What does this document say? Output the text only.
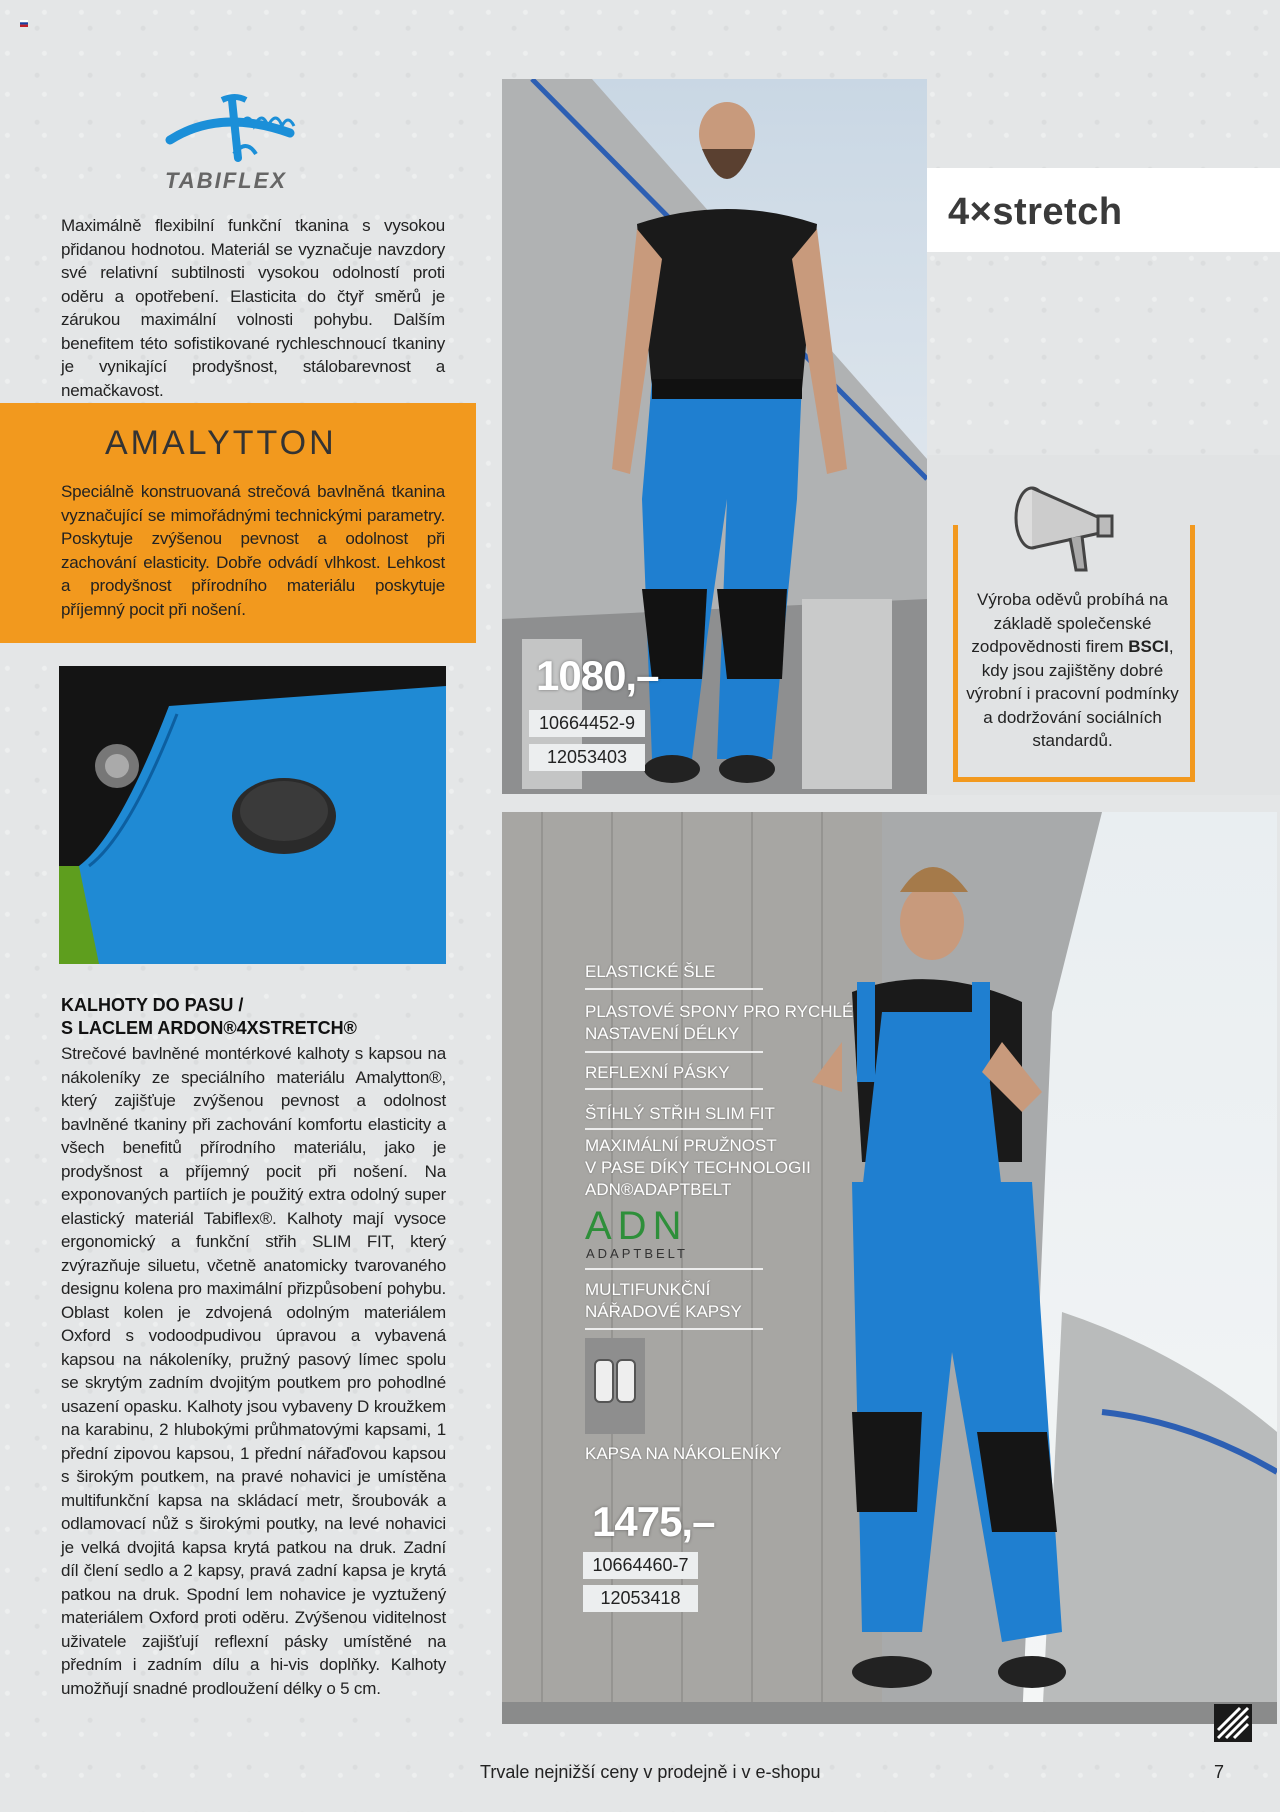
TABIFLEX
Maximálně flexibilní funkční tkanina s vysokou přidanou hodnotou. Materiál se vyznačuje navzdory své relativní subtilnosti vysokou odolností proti oděru a opotřebení. Elasticita do čtyř směrů je zárukou maximální volnosti pohybu. Dalším benefitem této sofistikované rychleschnoucí tkaniny je vynikající prodyšnost, stálobarevnost a nemačkavost.
AMALYTTON
Speciálně konstruovaná strečová bavlněná tkanina vyznačující se mimořádnými technickými parametry. Poskytuje zvýšenou pevnost a odolnost při zachování elasticity. Dobře odvádí vlhkost. Lehkost a prodyšnost přírodního materiálu poskytuje příjemný pocit při nošení.
KALHOTY DO PASU /
S LACLEM ARDON®4XSTRETCH®
Strečové bavlněné montérkové kalhoty s kapsou na nákoleníky ze speciálního materiálu Amalytton®, který zajišťuje zvýšenou pevnost a odolnost bavlněné tkaniny při zachování komfortu elasticity a všech benefitů přírodního materiálu, jako je prodyšnost a příjemný pocit při nošení. Na exponovaných partiích je použitý extra odolný super elastický materiál Tabiflex®. Kalhoty mají vysoce ergonomický a funkční střih SLIM FIT, který zvýrazňuje siluetu, včetně anatomicky tvarovaného designu kolena pro maximální přizpůsobení pohybu. Oblast kolen je zdvojená odolným materiálem Oxford s vodoodpudivou úpravou a vybavená kapsou na nákoleníky, pružný pasový límec spolu se skrytým zadním dvojitým poutkem pro pohodlné usazení opasku. Kalhoty jsou vybaveny D kroužkem na karabinu, 2 hlubokými průhmatovými kapsami, 1 přední zipovou kapsou, 1 přední nářaďovou kapsou s širokým poutkem, na pravé nohavici je umístěna multifunkční kapsa na skládací metr, šroubovák a odlamovací nůž s širokými poutky, na levé nohavici je velká dvojitá kapsa krytá patkou na druk. Zadní díl člení sedlo a 2 kapsy, pravá zadní kapsa je krytá patkou na druk. Spodní lem nohavice je vyztužený materiálem Oxford proti oděru. Zvýšenou viditelnost uživatele zajišťují reflexní pásky umístěné na předním i zadním dílu a hi-vis doplňky. Kalhoty umožňují snadné prodloužení délky o 5 cm.
4×stretch
Výroba oděvů probíhá na základě společenské zodpovědnosti firem BSCI, kdy jsou zajištěny dobré výrobní i pracovní podmínky a dodržování sociálních standardů.
1080,–
10664452-9
12053403
ELASTICKÉ ŠLE
PLASTOVÉ SPONY PRO RYCHLÉ
NASTAVENÍ DÉLKY
REFLEXNÍ PÁSKY
ŠTÍHLÝ STŘIH SLIM FIT
MAXIMÁLNÍ PRUŽNOST
V PASE DÍKY TECHNOLOGII
ADN®ADAPTBELT
ADN
ADAPTBELT
MULTIFUNKČNÍ
NÁŘADOVÉ KAPSY
KAPSA NA NÁKOLENÍKY
1475,–
10664460-7
12053418
Trvale nejnižší ceny v prodejně i v e-shopu	7
